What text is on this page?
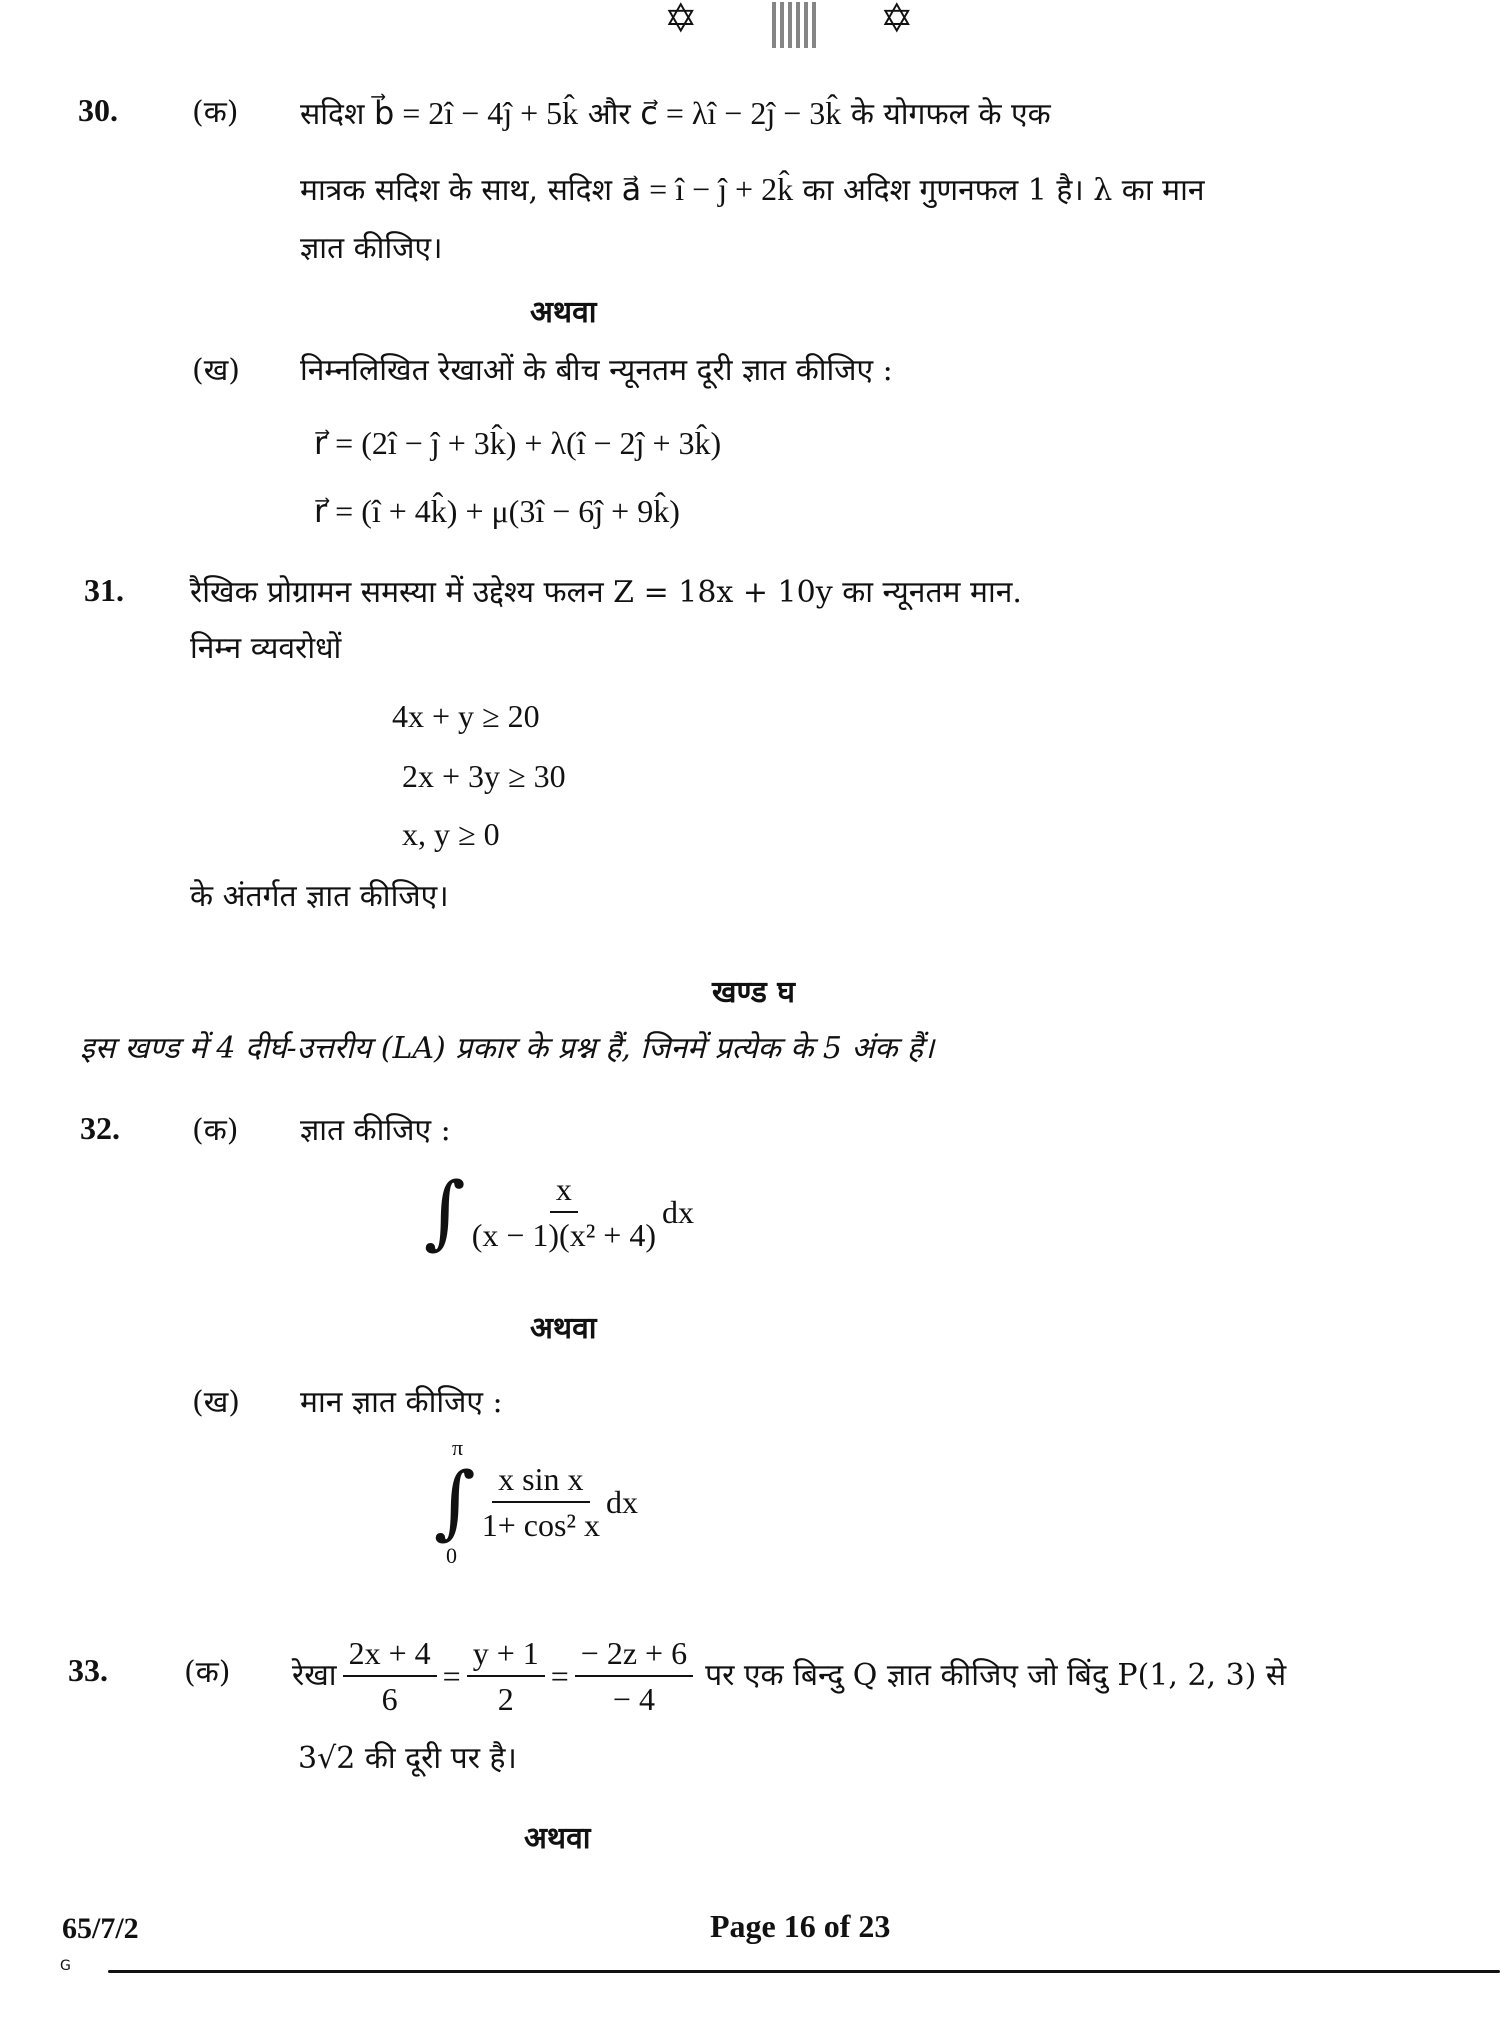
✡	✡
30. (क) सदिश b⃗ = 2î − 4ĵ + 5k̂ और c⃗ = λî − 2ĵ − 3k̂ के योगफल के एक
मात्रक सदिश के साथ, सदिश a⃗ = î − ĵ + 2k̂ का अदिश गुणनफल 1 है। λ का मान
ज्ञात कीजिए।
अथवा
(ख) निम्नलिखित रेखाओं के बीच न्यूनतम दूरी ज्ञात कीजिए :
r⃗ = (2î − ĵ + 3k̂) + λ(î − 2ĵ + 3k̂)
r⃗ = (î + 4k̂) + μ(3î − 6ĵ + 9k̂)
31. रैखिक प्रोग्रामन समस्या में उद्देश्य फलन Z = 18x + 10y का न्यूनतम मान.
निम्न व्यवरोधों
4x + y ≥ 20
2x + 3y ≥ 30
x, y ≥ 0
के अंतर्गत ज्ञात कीजिए।
खण्ड घ
इस खण्ड में 4 दीर्घ-उत्तरीय (LA) प्रकार के प्रश्न हैं, जिनमें प्रत्येक के 5 अंक हैं।
32. (क) ज्ञात कीजिए :
∫ $\frac{x}{\text{(x − 1)(x² + 4)}}$ dx
अथवा
(ख) मान ज्ञात कीजिए :
π
∫
0
$\frac{\text{x sin x}}{\text{1+ cos² x}}$ dx
33.	(क) रेखा $\frac{2x + 4}{6} = \frac{y + 1}{2} = \frac{- 2z + 6}{- 4}$ पर एक बिन्दु Q ज्ञात कीजिए जो बिंदु P(1, 2, 3) से
3√2 की दूरी पर है।
अथवा
65/7/2	Page 16 of 23
G
